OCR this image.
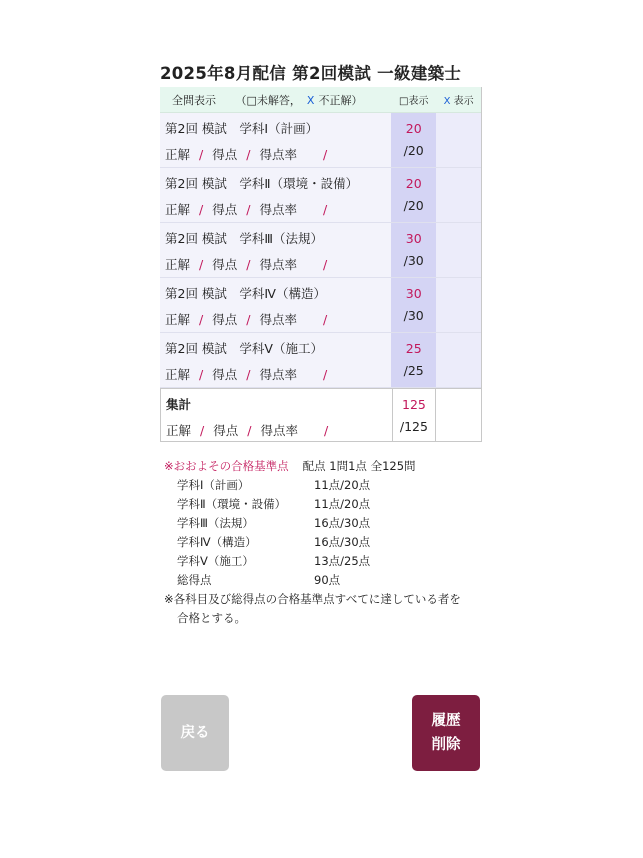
2025年8月配信 第2回模試 一級建築士
全問表示 （□未解答， X 不正解）	□表示	X 表示
第2回 模試　学科Ⅰ（計画）
正解 / 得点 / 得点率 /
20
/20
第2回 模試　学科Ⅱ（環境・設備）
正解 / 得点 / 得点率 /
20
/20
第2回 模試　学科Ⅲ（法規）
正解 / 得点 / 得点率 /
30
/30
第2回 模試　学科Ⅳ（構造）
正解 / 得点 / 得点率 /
30
/30
第2回 模試　学科Ⅴ（施工）
正解 / 得点 / 得点率 /
25
/25
集計
正解 / 得点 / 得点率 /
125
/125
※おおよその合格基準点 配点 1問1点 全125問
学科Ⅰ（計画）	11点/20点
学科Ⅱ（環境・設備）	11点/20点
学科Ⅲ（法規）	16点/30点
学科Ⅳ（構造）	16点/30点
学科Ⅴ（施工）	13点/25点
総得点	90点
※各科目及び総得点の合格基準点すべてに達している者を合格とする。
戻る
履歴
削除
